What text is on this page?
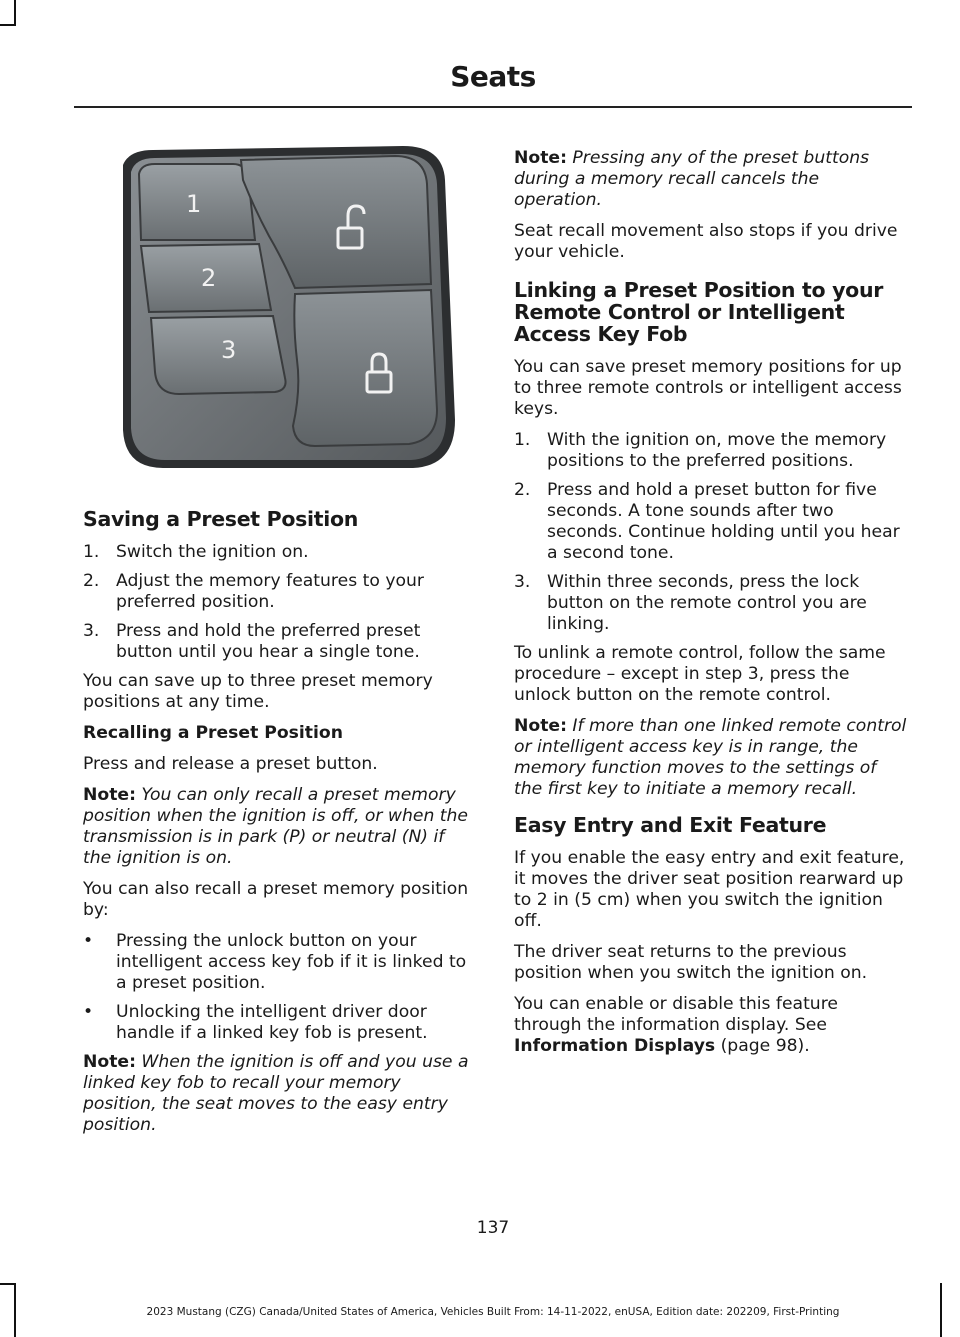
Seats
1
2
3
Saving a Preset Position
1. Switch the ignition on.
2. Adjust the memory features to your preferred position.
3. Press and hold the preferred preset button until you hear a single tone.

You can save up to three preset memory positions at any time.

Recalling a Preset Position

Press and release a preset button.

Note: You can only recall a preset memory position when the ignition is off, or when the transmission is in park (P) or neutral (N) if the ignition is on.

You can also recall a preset memory position by:

• Pressing the unlock button on your intelligent access key fob if it is linked to a preset position.
• Unlocking the intelligent driver door handle if a linked key fob is present.

Note: When the ignition is off and you use a linked key fob to recall your memory position, the seat moves to the easy entry position.

Note: Pressing any of the preset buttons during a memory recall cancels the operation.

Seat recall movement also stops if you drive your vehicle.

Linking a Preset Position to your Remote Control or Intelligent Access Key Fob

You can save preset memory positions for up to three remote controls or intelligent access keys.

1. With the ignition on, move the memory positions to the preferred positions.
2. Press and hold a preset button for five seconds. A tone sounds after two seconds. Continue holding until you hear a second tone.
3. Within three seconds, press the lock button on the remote control you are linking.

To unlink a remote control, follow the same procedure – except in step 3, press the unlock button on the remote control.

Note: If more than one linked remote control or intelligent access key is in range, the memory function moves to the settings of the first key to initiate a memory recall.

Easy Entry and Exit Feature

If you enable the easy entry and exit feature, it moves the driver seat position rearward up to 2 in (5 cm) when you switch the ignition off.

The driver seat returns to the previous position when you switch the ignition on.

You can enable or disable this feature through the information display. See Information Displays (page 98).

137
2023 Mustang (CZG) Canada/United States of America, Vehicles Built From: 14-11-2022, enUSA, Edition date: 202209, First-Printing
